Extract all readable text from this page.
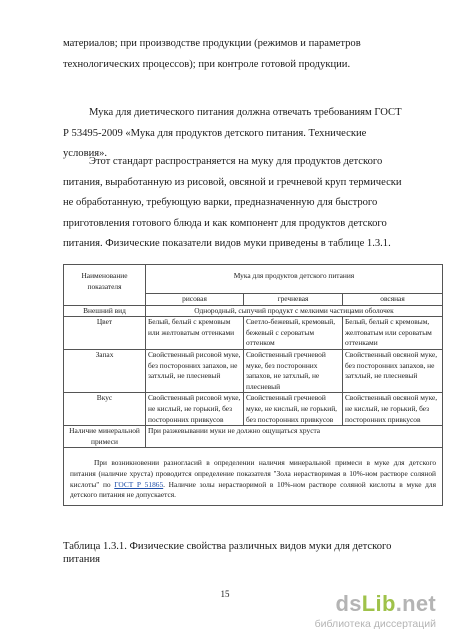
материалов; при производстве продукции (режимов и параметров технологических процессов); при контроле готовой продукции.

Мука для диетического питания должна отвечать требованиям ГОСТ Р 53495-2009 «Мука для продуктов детского питания. Технические условия».

Этот стандарт распространяется на муку для продуктов детского питания, выработанную из рисовой, овсяной и гречневой круп термически не обработанную, требующую варки, предназначенную для быстрого приготовления готового блюда и как компонент для продуктов детского питания. Физические показатели видов муки приведены в таблице 1.3.1.

Наименование показателя	Мука для продуктов детского питания		
	рисовая	гречневая	овсяная
Внешний вид	Однородный, сыпучий продукт с мелкими частицами оболочек		
Цвет	Белый, белый с кремовым или желтоватым оттенками	Светло-бежевый, кремовый, бежевый с сероватым оттенком	Белый, белый с кремовым, желтоватым или сероватым оттенками
Запах	Свойственный рисовой муке, без посторонних запахов, не затхлый, не плесневый	Свойственный гречневой муке, без посторонних запахов, не затхлый, не плесневый	Свойственный овсяной муке, без посторонних запахов, не затхлый, не плесневый
Вкус	Свойственный рисовой муке, не кислый, не горький, без посторонних привкусов	Свойственный гречневой муке, не кислый, не горький, без посторонних привкусов	Свойственный овсяной муке, не кислый, не горький, без посторонних привкусов
Наличие минеральной примеси	При разжевывании муки не должно ощущаться хруста		
При возникновении разногласий в определении наличия минеральной примеси в муке для детского питания (наличие хруста) проводится определение показателя "Зола нерастворимая в 10%-ном растворе соляной кислоты" по ГОСТ Р 51865. Наличие золы нерастворимой в 10%-ном растворе соляной кислоты в муке для детского питания не допускается.			

Таблица 1.3.1. Физические свойства различных видов муки для детского питания

15	dsLib.net
библиотека диссертаций
